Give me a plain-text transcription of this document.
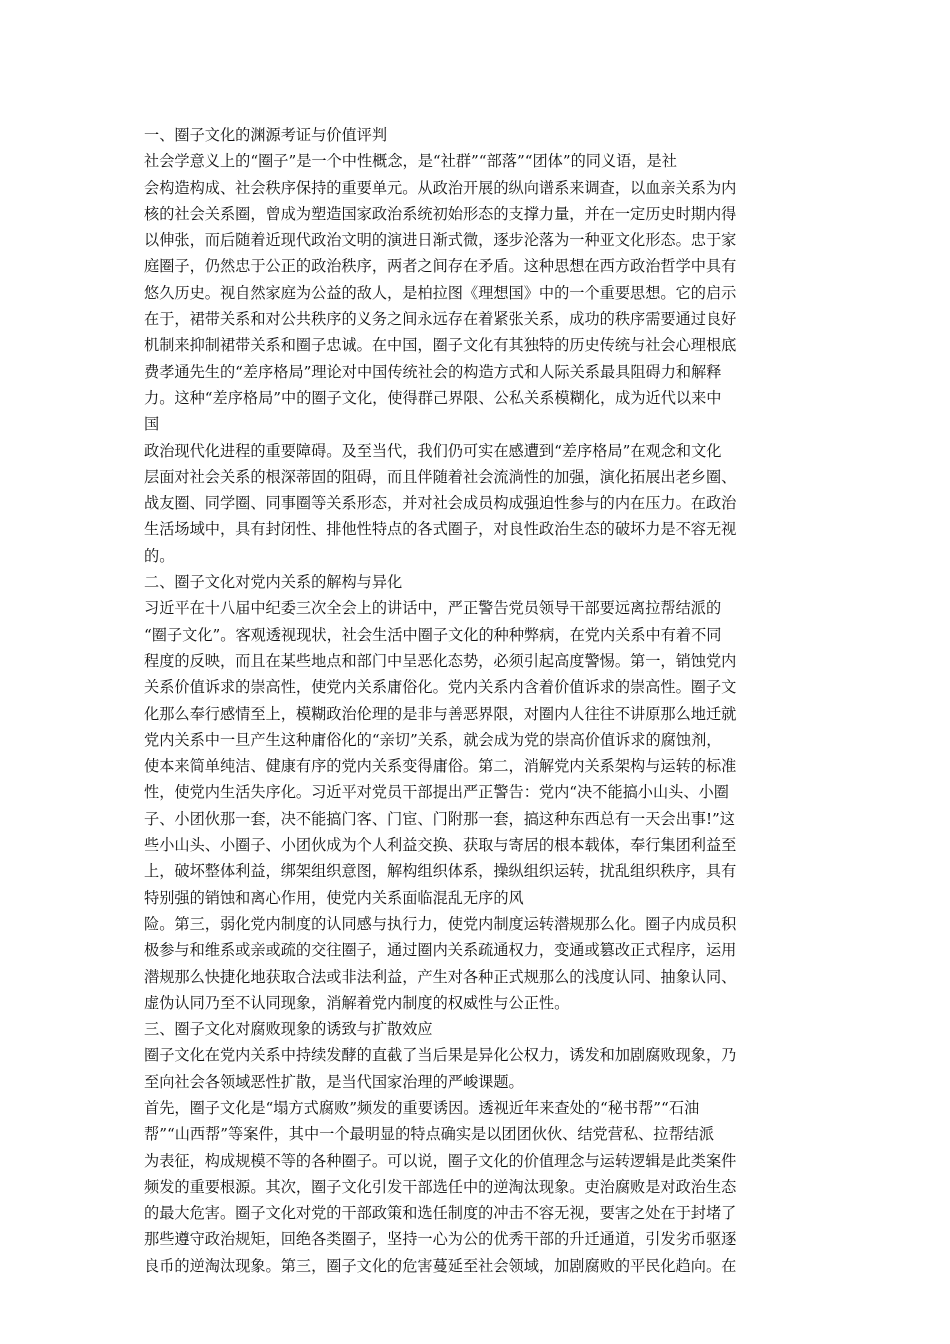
一、圈子文化的渊源考证与价值评判
社会学意义上的“圈子”是一个中性概念，是“社群”“部落”“团体”的同义语，是社
会构造构成、社会秩序保持的重要单元。从政治开展的纵向谱系来调查，以血亲关系为内
核的社会关系圈，曾成为塑造国家政治系统初始形态的支撑力量，并在一定历史时期内得
以伸张，而后随着近现代政治文明的演进日渐式微，逐步沦落为一种亚文化形态。忠于家
庭圈子，仍然忠于公正的政治秩序，两者之间存在矛盾。这种思想在西方政治哲学中具有
悠久历史。视自然家庭为公益的敌人，是柏拉图《理想国》中的一个重要思想。它的启示
在于，裙带关系和对公共秩序的义务之间永远存在着紧张关系，成功的秩序需要通过良好
机制来抑制裙带关系和圈子忠诚。在中国，圈子文化有其独特的历史传统与社会心理根底
费孝通先生的“差序格局”理论对中国传统社会的构造方式和人际关系最具阻碍力和解释
力。这种“差序格局”中的圈子文化，使得群己界限、公私关系模糊化，成为近代以来中
国
政治现代化进程的重要障碍。及至当代，我们仍可实在感遭到“差序格局”在观念和文化
层面对社会关系的根深蒂固的阻碍，而且伴随着社会流淌性的加强，演化拓展出老乡圈、
战友圈、同学圈、同事圈等关系形态，并对社会成员构成强迫性参与的内在压力。在政治
生活场域中，具有封闭性、排他性特点的各式圈子，对良性政治生态的破坏力是不容无视
的。
二、圈子文化对党内关系的解构与异化
习近平在十八届中纪委三次全会上的讲话中，严正警告党员领导干部要远离拉帮结派的
“圈子文化”。客观透视现状，社会生活中圈子文化的种种弊病，在党内关系中有着不同
程度的反映，而且在某些地点和部门中呈恶化态势，必须引起高度警惕。第一，销蚀党内
关系价值诉求的崇高性，使党内关系庸俗化。党内关系内含着价值诉求的崇高性。圈子文
化那么奉行感情至上，模糊政治伦理的是非与善恶界限，对圈内人往往不讲原那么地迁就
党内关系中一旦产生这种庸俗化的“亲切”关系，就会成为党的崇高价值诉求的腐蚀剂，
使本来简单纯洁、健康有序的党内关系变得庸俗。第二，消解党内关系架构与运转的标准
性，使党内生活失序化。习近平对党员干部提出严正警告：党内“决不能搞小山头、小圈
子、小团伙那一套，决不能搞门客、门宦、门附那一套，搞这种东西总有一天会出事!”这
些小山头、小圈子、小团伙成为个人利益交换、获取与寄居的根本载体，奉行集团利益至
上，破坏整体利益，绑架组织意图，解构组织体系，操纵组织运转，扰乱组织秩序，具有
特别强的销蚀和离心作用，使党内关系面临混乱无序的风
险。第三，弱化党内制度的认同感与执行力，使党内制度运转潜规那么化。圈子内成员积
极参与和维系或亲或疏的交往圈子，通过圈内关系疏通权力，变通或篡改正式程序，运用
潜规那么快捷化地获取合法或非法利益，产生对各种正式规那么的浅度认同、抽象认同、
虚伪认同乃至不认同现象，消解着党内制度的权威性与公正性。
三、圈子文化对腐败现象的诱致与扩散效应
圈子文化在党内关系中持续发酵的直截了当后果是异化公权力，诱发和加剧腐败现象，乃
至向社会各领域恶性扩散，是当代国家治理的严峻课题。
首先，圈子文化是“塌方式腐败”频发的重要诱因。透视近年来查处的“秘书帮”“石油
帮”“山西帮”等案件，其中一个最明显的特点确实是以团团伙伙、结党营私、拉帮结派
为表征，构成规模不等的各种圈子。可以说，圈子文化的价值理念与运转逻辑是此类案件
频发的重要根源。其次，圈子文化引发干部选任中的逆淘汰现象。吏治腐败是对政治生态
的最大危害。圈子文化对党的干部政策和选任制度的冲击不容无视，要害之处在于封堵了
那些遵守政治规矩，回绝各类圈子，坚持一心为公的优秀干部的升迁通道，引发劣币驱逐
良币的逆淘汰现象。第三，圈子文化的危害蔓延至社会领域，加剧腐败的平民化趋向。在
